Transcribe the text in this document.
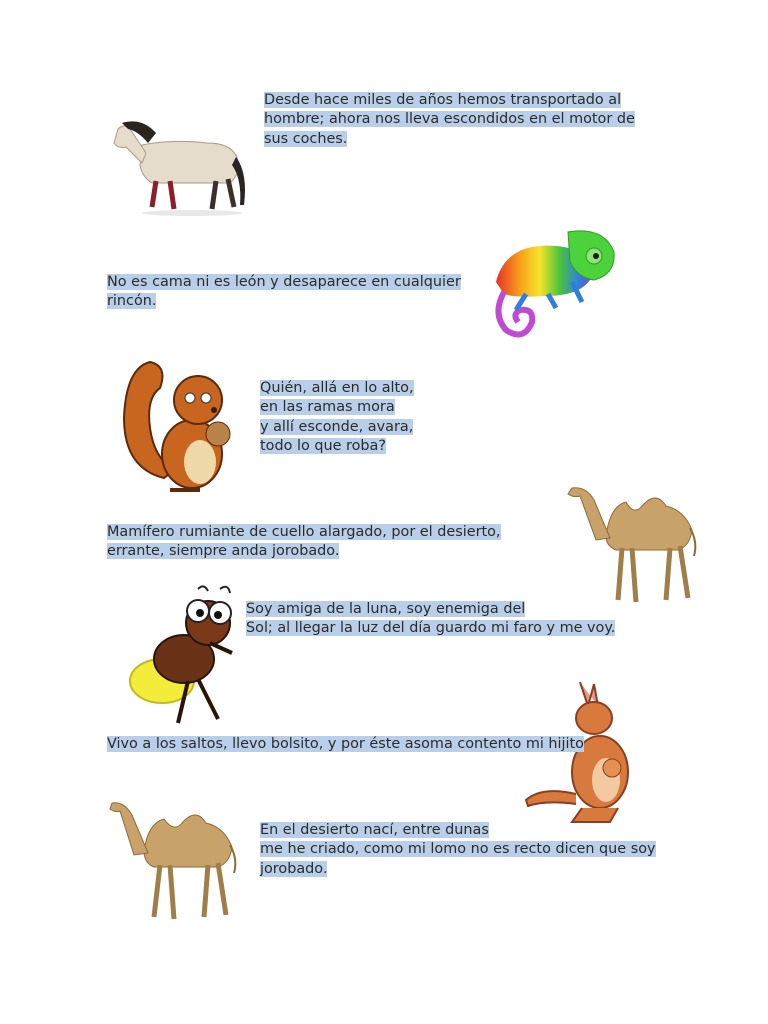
Desde hace miles de años hemos transportado al
hombre; ahora nos lleva escondidos en el motor de
sus coches.
No es cama ni es león y desaparece en cualquier
rincón.
Quién, allá en lo alto,
en las ramas mora
y allí esconde, avara,
todo lo que roba?
Mamífero rumiante de cuello alargado, por el desierto,
errante, siempre anda jorobado.
Soy amiga de la luna, soy enemiga del
Sol; al llegar la luz del día guardo mi faro y me voy.
Vivo a los saltos, llevo bolsito, y por éste asoma contento mi hijito
En el desierto nací, entre dunas
me he criado, como mi lomo no es recto dicen que soy
jorobado.
